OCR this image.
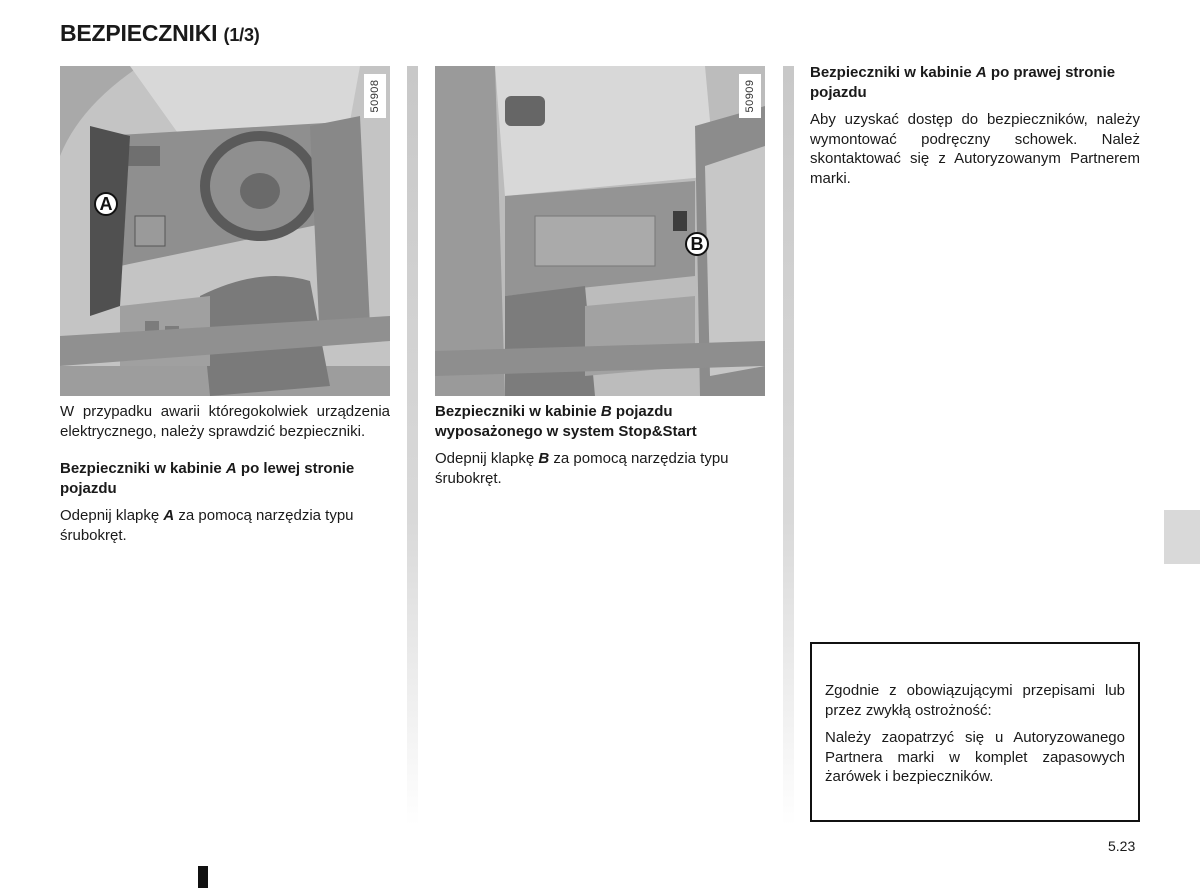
BEZPIECZNIKI (1/3)
50908
A
50909
B

W przypadku awarii któregokolwiek urządzenia elektrycznego, należy sprawdzić bezpieczniki.

Bezpieczniki w kabinie A po lewej stronie pojazdu

Odepnij klapkę A za pomocą narzędzia typu śrubokręt.

Bezpieczniki w kabinie B pojazdu wyposażonego w system Stop&Start

Odepnij klapkę B za pomocą narzędzia typu śrubokręt.

Bezpieczniki w kabinie A po prawej stronie pojazdu

Aby uzyskać dostęp do bezpieczników, należy wymontować podręczny schowek. Należ skontaktować się z Autoryzowanym Partnerem marki.

Zgodnie z obowiązującymi przepisami lub przez zwykłą ostrożność:

Należy zaopatrzyć się u Autoryzowanego Partnera marki w komplet zapasowych żarówek i bezpieczników.

5.23
